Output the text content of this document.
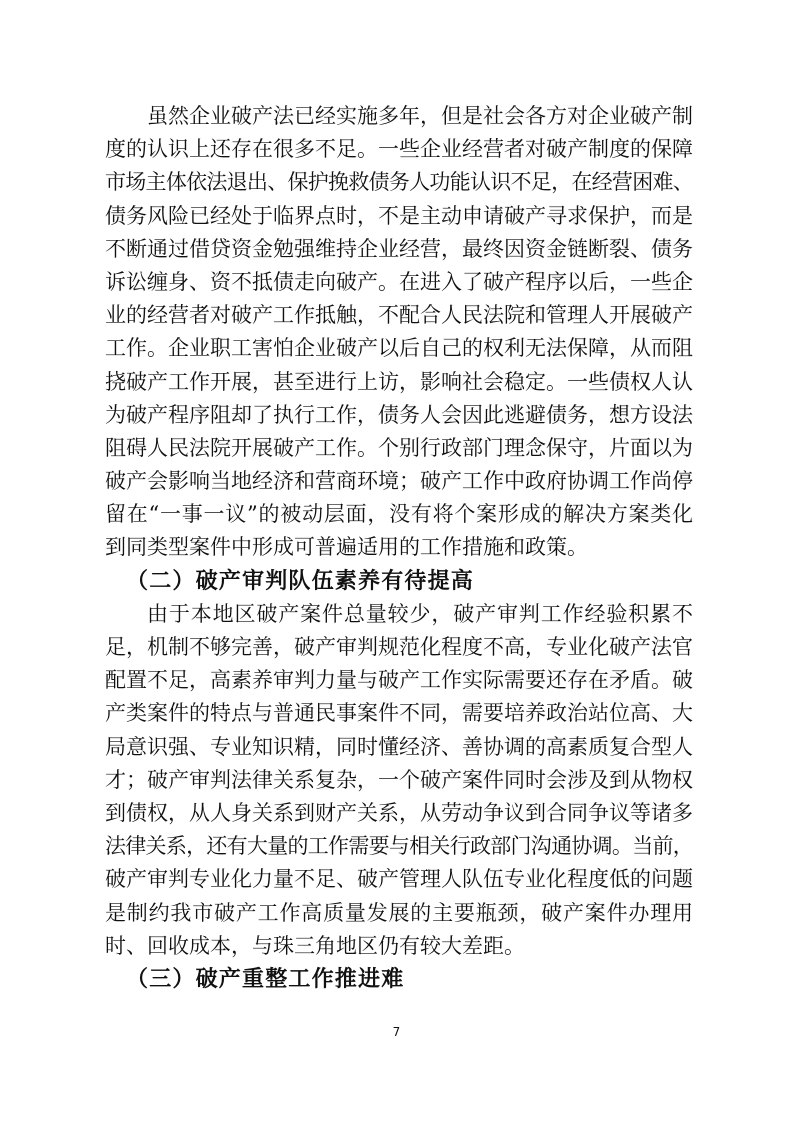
虽然企业破产法已经实施多年，但是社会各方对企业破产制
度的认识上还存在很多不足。一些企业经营者对破产制度的保障
市场主体依法退出、保护挽救债务人功能认识不足，在经营困难、
债务风险已经处于临界点时，不是主动申请破产寻求保护，而是
不断通过借贷资金勉强维持企业经营，最终因资金链断裂、债务
诉讼缠身、资不抵债走向破产。在进入了破产程序以后，一些企
业的经营者对破产工作抵触，不配合人民法院和管理人开展破产
工作。企业职工害怕企业破产以后自己的权利无法保障，从而阻
挠破产工作开展，甚至进行上访，影响社会稳定。一些债权人认
为破产程序阻却了执行工作，债务人会因此逃避债务，想方设法
阻碍人民法院开展破产工作。个别行政部门理念保守，片面以为
破产会影响当地经济和营商环境；破产工作中政府协调工作尚停
留在“一事一议”的被动层面，没有将个案形成的解决方案类化
到同类型案件中形成可普遍适用的工作措施和政策。
（二）破产审判队伍素养有待提高
由于本地区破产案件总量较少，破产审判工作经验积累不
足，机制不够完善，破产审判规范化程度不高，专业化破产法官
配置不足，高素养审判力量与破产工作实际需要还存在矛盾。破
产类案件的特点与普通民事案件不同，需要培养政治站位高、大
局意识强、专业知识精，同时懂经济、善协调的高素质复合型人
才；破产审判法律关系复杂，一个破产案件同时会涉及到从物权
到债权，从人身关系到财产关系，从劳动争议到合同争议等诸多
法律关系，还有大量的工作需要与相关行政部门沟通协调。当前，
破产审判专业化力量不足、破产管理人队伍专业化程度低的问题
是制约我市破产工作高质量发展的主要瓶颈，破产案件办理用
时、回收成本，与珠三角地区仍有较大差距。
（三）破产重整工作推进难
7
